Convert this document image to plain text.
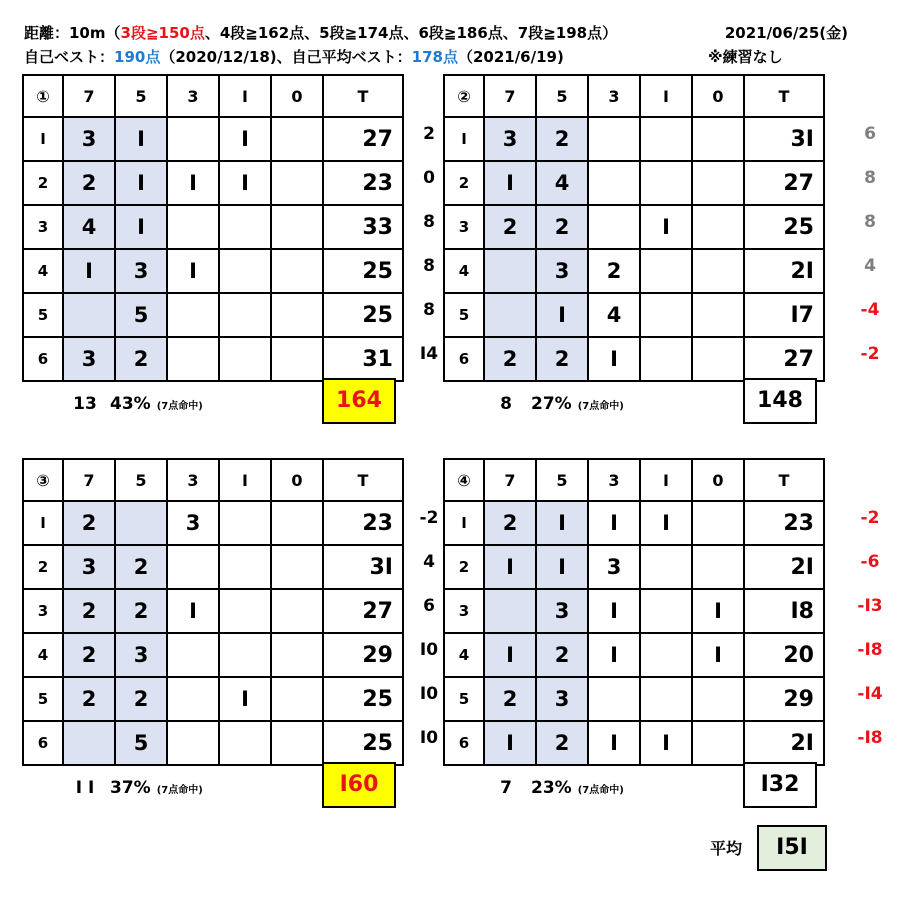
距離：10m（3段≧150点、4段≧162点、5段≧174点、6段≧186点、7段≧198点）
自己ベスト：190点（2020/12/18)、自己平均ベスト：178点（2021/6/19)
2021/06/25(金)
※練習なし
①	7	5	3	I	0	T
I	3	I		I		27
2	2	I	I	I		23
3	4	I				33
4	I	3	I			25
5		5				25
6	3	2				31
②	7	5	3	I	0	T
I	3	2				3I
2	I	4				27
3	2	2		I		25
4		3	2			2I
5		I	4			I7
6	2	2	I			27
③	7	5	3	I	0	T
I	2		3			23
2	3	2				3I
3	2	2	I			27
4	2	3				29
5	2	2		I		25
6		5				25
④	7	5	3	I	0	T
I	2	I	I	I		23
2	I	I	3			2I
3		3	I		I	I8
4	I	2	I		I	20
5	2	3				29
6	I	2	I	I		2I
平均	I5I
13 43% (7点命中)	164	8 27% (7点命中)	148
I I 37% (7点命中)	I60	7 23% (7点命中)	I32
2
0
8
8
8
I4
-2
4
6
I0
I0
I0
6
8
8
4
-4
-2
-2
-6
-I3
-I8
-I4
-I8
